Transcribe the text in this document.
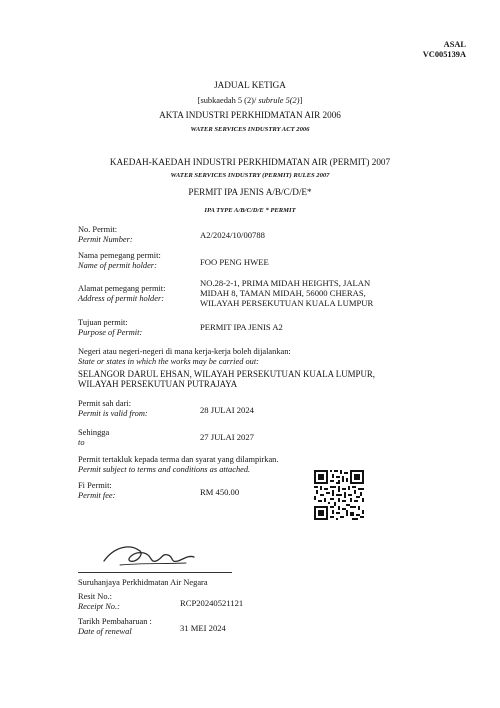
ASAL
VC005139A
JADUAL KETIGA
[subkaedah 5 (2)/ subrule 5(2)]
AKTA INDUSTRI PERKHIDMATAN AIR 2006
WATER SERVICES INDUSTRY ACT 2006
KAEDAH-KAEDAH INDUSTRI PERKHIDMATAN AIR (PERMIT) 2007
WATER SERVICES INDUSTRY (PERMIT) RULES 2007
PERMIT IPA JENIS A/B/C/D/E*
IPA TYPE A/B/C/D/E * PERMIT
No. Permit:
Permit Number:	A2/2024/10/00788
Nama pemegang permit:
Name of permit holder:	FOO PENG HWEE
Alamat pemegang permit:
Address of permit holder:
NO.28-2-1, PRIMA MIDAH HEIGHTS, JALAN MIDAH 8, TAMAN MIDAH, 56000 CHERAS, WILAYAH PERSEKUTUAN KUALA LUMPUR
Tujuan permit:
Purpose of Permit:
PERMIT IPA JENIS A2
Negeri atau negeri-negeri di mana kerja-kerja boleh dijalankan:
State or states in which the works may be carried out:
SELANGOR DARUL EHSAN, WILAYAH PERSEKUTUAN KUALA LUMPUR, WILAYAH PERSEKUTUAN PUTRAJAYA
Permit sah dari:
Permit is valid from:	28 JULAI 2024
Sehingga
to
27 JULAI 2027
Permit tertakluk kepada terma dan syarat yang dilampirkan.
Permit subject to terms and conditions as attached.
Fi Permit:
Permit fee:	RM 450.00
Suruhanjaya Perkhidmatan Air Negara
Resit No.:
Receipt No.:	RCP20240521121
Tarikh Pembaharuan :
Date of renewal	31 MEI 2024
